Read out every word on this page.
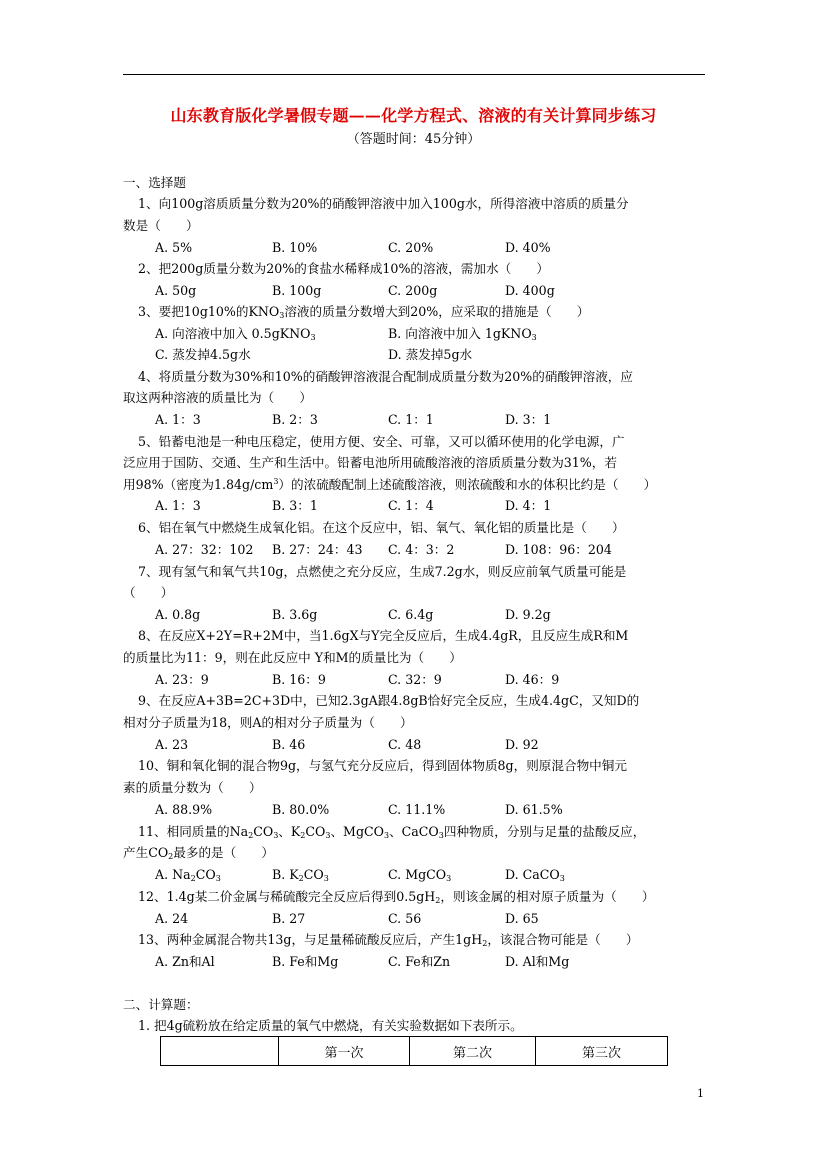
山东教育版化学暑假专题——化学方程式、溶液的有关计算同步练习
（答题时间：45分钟）
一、选择题
1、向100g溶质质量分数为20%的硝酸钾溶液中加入100g水，所得溶液中溶质的质量分
数是（　　）
A. 5%	B. 10%	C. 20%	D. 40%
2、把200g质量分数为20%的食盐水稀释成10%的溶液，需加水（　　）
A. 50g	B. 100g	C. 200g	D. 400g
3、要把10g10%的$KNO_3$溶液的质量分数增大到20%，应采取的措施是（　　）
A. 向溶液中加入 0.5gKNO$_3$	B. 向溶液中加入 1gKNO$_3$
C. 蒸发掉4.5g水	D. 蒸发掉5g水
4、将质量分数为30%和10%的硝酸钾溶液混合配制成质量分数为20%的硝酸钾溶液，应
取这两种溶液的质量比为（　　）
A. 1：3	B. 2：3	C. 1：1	D. 3：1
5、铅蓄电池是一种电压稳定，使用方便、安全、可靠，又可以循环使用的化学电源，广
泛应用于国防、交通、生产和生活中。铅蓄电池所用硫酸溶液的溶质质量分数为31%，若
用98%（密度为$1.84g/cm^3$）的浓硫酸配制上述硫酸溶液，则浓硫酸和水的体积比约是（　　）
A. 1：3	B. 3：1	C. 1：4	D. 4：1
6、铝在氧气中燃烧生成氧化铝。在这个反应中，铝、氧气、氧化铝的质量比是（　　）
A. 27：32：102 B. 27：24：43 C. 4：3：2	D. 108：96：204
7、现有氢气和氧气共10g，点燃使之充分反应，生成7.2g水，则反应前氧气质量可能是
（　　）
A. 0.8g	B. 3.6g	C. 6.4g	D. 9.2g
8、在反应X+2Y=R+2M中，当1.6gX与Y完全反应后，生成4.4gR，且反应生成R和M
的质量比为11：9，则在此反应中 Y和M的质量比为（　　）
A. 23：9	B. 16：9	C. 32：9	D. 46：9
9、在反应A+3B=2C+3D中，已知2.3gA跟4.8gB恰好完全反应，生成4.4gC，又知D的
相对分子质量为18，则A的相对分子质量为（　　）
A. 23	B. 46	C. 48	D. 92
10、铜和氧化铜的混合物9g，与氢气充分反应后，得到固体物质8g，则原混合物中铜元
素的质量分数为（　　）
A. 88.9%	B. 80.0%	C. 11.1%	D. 61.5%
11、相同质量的$Na_2CO_3$、$K_2CO_3$、MgCO$_3$、CaCO$_3$四种物质，分别与足量的盐酸反应，
产生$CO_2$最多的是（　　）
A. $Na_2CO_3$	B. $K_2CO_3$	C. MgCO$_3$	D. CaCO$_3$
12、1.4g某二价金属与稀硫酸完全反应后得到$0.5gH_2$，则该金属的相对原子质量为（　　）
A. 24	B. 27	C. 56	D. 65
13、两种金属混合物共13g，与足量稀硫酸反应后，产生$1gH_2$，该混合物可能是（　　）
A. Zn和Al	B. Fe和Mg	C. Fe和Zn	D. Al和Mg
二、计算题：
1. 把4g硫粉放在给定质量的氧气中燃烧，有关实验数据如下表所示。
	第一次	第二次	第三次
1
